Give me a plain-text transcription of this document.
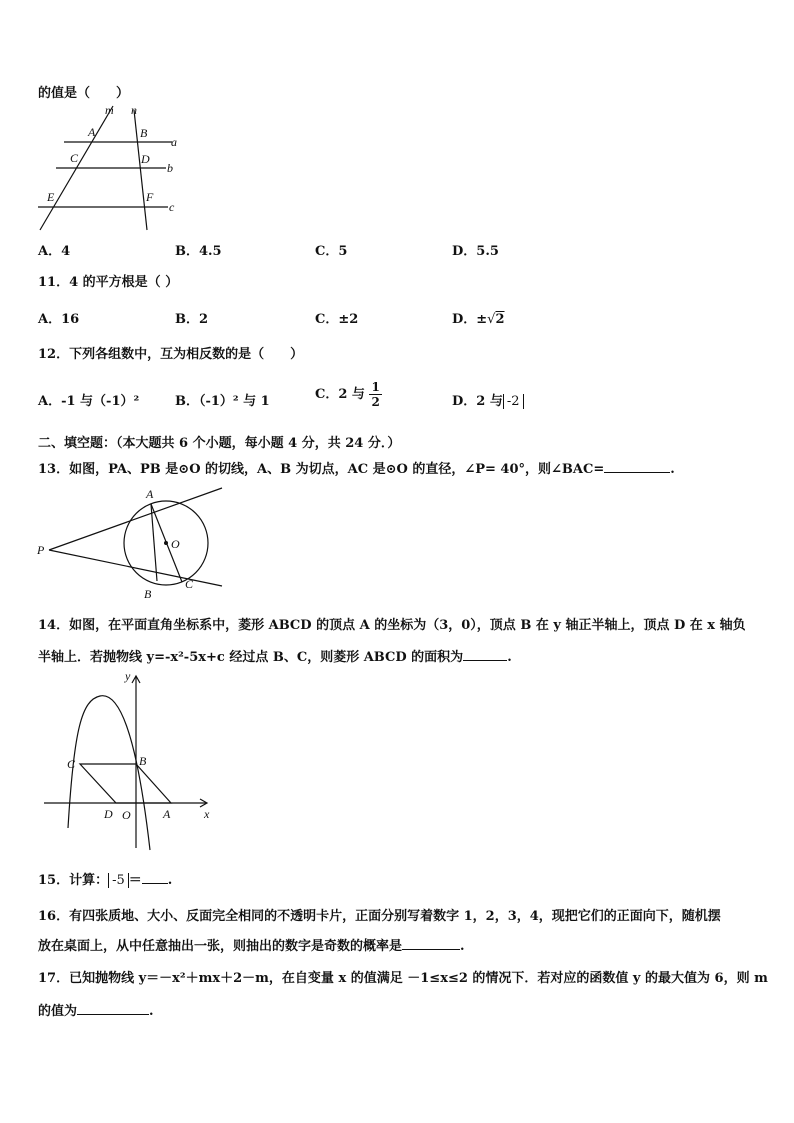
的值是（　　）
m n
a
b
c
A	B
C	D
E	F
A．4	B．4.5	C．5	D．5.5
11．4 的平方根是（ ）
A．16	B．2	C．±2	D．±√2
12．下列各组数中，互为相反数的是（　　）
A．-1 与（-1）²	B．（-1）² 与 1	C．2 与 $\frac{1}{2}$	D．2 与 -2
二、填空题：（本大题共 6 个小题，每小题 4 分，共 24 分．）
13．如图，PA、PB 是⊙O 的切线，A、B 为切点，AC 是⊙O 的直径，∠P= 40°，则∠BAC=	.
P
A
B
C
O
14．如图，在平面直角坐标系中，菱形 ABCD 的顶点 A 的坐标为（3，0），顶点 B 在 y 轴正半轴上，顶点 D 在 x 轴负
半轴上．若抛物线 y=-x²-5x+c 经过点 B、C，则菱形 ABCD 的面积为	.
y
x
C	B
D O	A
15．计算： -5 ＝ .
16．有四张质地、大小、反面完全相同的不透明卡片，正面分别写着数字 1，2，3，4，现把它们的正面向下，随机摆
放在桌面上，从中任意抽出一张，则抽出的数字是奇数的概率是	.
17．已知抛物线 y＝－x²＋mx＋2－m，在自变量 x 的值满足 －1≤x≤2 的情况下．若对应的函数值 y 的最大值为 6，则 m
的值为	.
